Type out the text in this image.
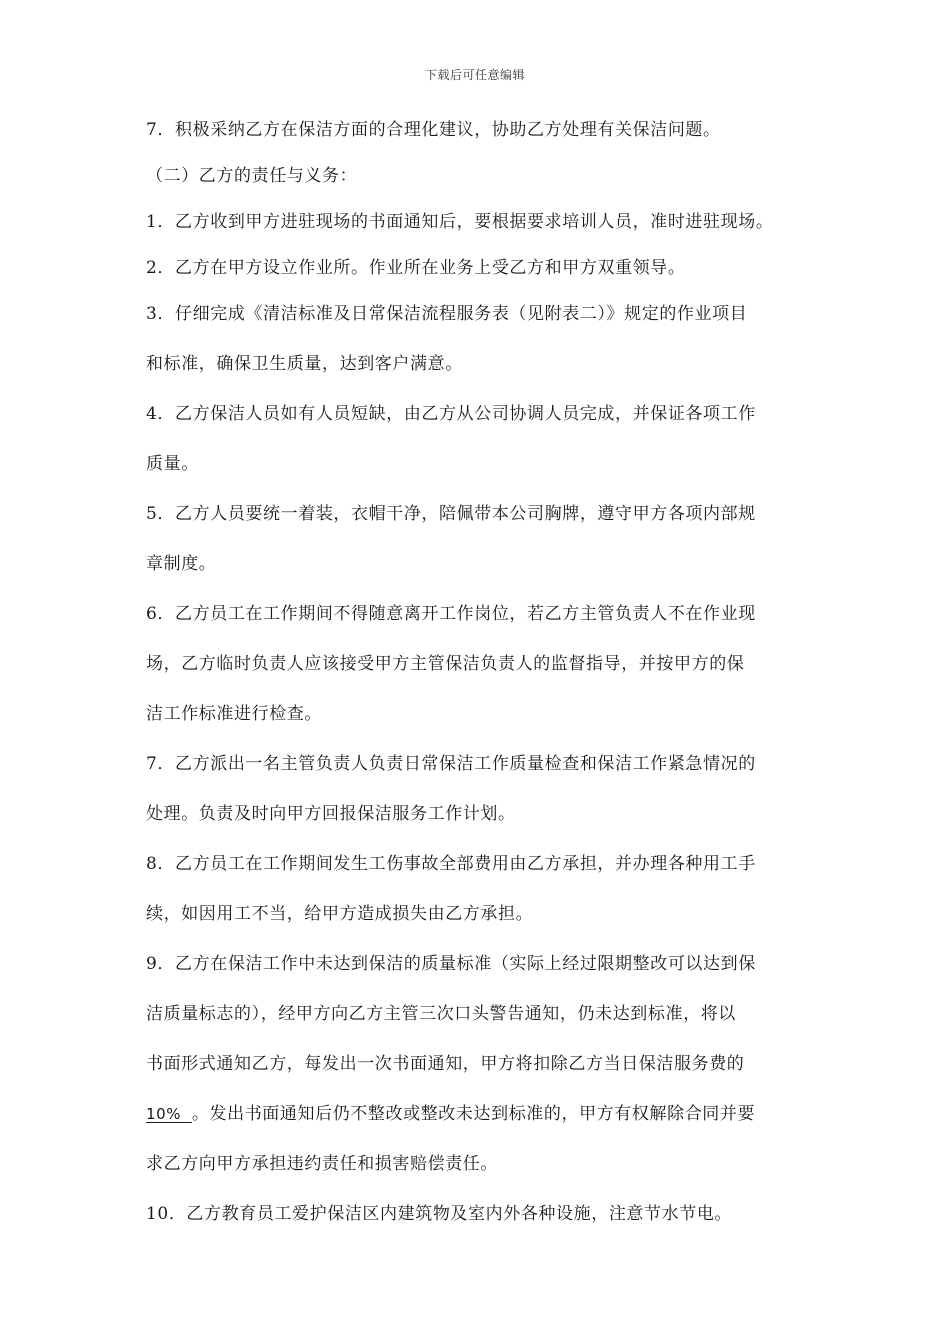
下载后可任意编辑
7．积极采纳乙方在保洁方面的合理化建议，协助乙方处理有关保洁问题。
（二）乙方的责任与义务：
1．乙方收到甲方进驻现场的书面通知后，要根据要求培训人员，准时进驻现场。
2．乙方在甲方设立作业所。作业所在业务上受乙方和甲方双重领导。
3．仔细完成《清洁标准及日常保洁流程服务表（见附表二）》规定的作业项目
和标准，确保卫生质量，达到客户满意。
4．乙方保洁人员如有人员短缺，由乙方从公司协调人员完成，并保证各项工作
质量。
5．乙方人员要统一着装，衣帽干净，陪佩带本公司胸牌，遵守甲方各项内部规
章制度。
6．乙方员工在工作期间不得随意离开工作岗位，若乙方主管负责人不在作业现
场，乙方临时负责人应该接受甲方主管保洁负责人的监督指导，并按甲方的保
洁工作标准进行检查。
7．乙方派出一名主管负责人负责日常保洁工作质量检查和保洁工作紧急情况的
处理。负责及时向甲方回报保洁服务工作计划。
8．乙方员工在工作期间发生工伤事故全部费用由乙方承担，并办理各种用工手
续，如因用工不当，给甲方造成损失由乙方承担。
9．乙方在保洁工作中未达到保洁的质量标准（实际上经过限期整改可以达到保
洁质量标志的），经甲方向乙方主管三次口头警告通知，仍未达到标准，将以
书面形式通知乙方，每发出一次书面通知，甲方将扣除乙方当日保洁服务费的
10%  。发出书面通知后仍不整改或整改未达到标准的，甲方有权解除合同并要
求乙方向甲方承担违约责任和损害赔偿责任。
10．乙方教育员工爱护保洁区内建筑物及室内外各种设施，注意节水节电。
